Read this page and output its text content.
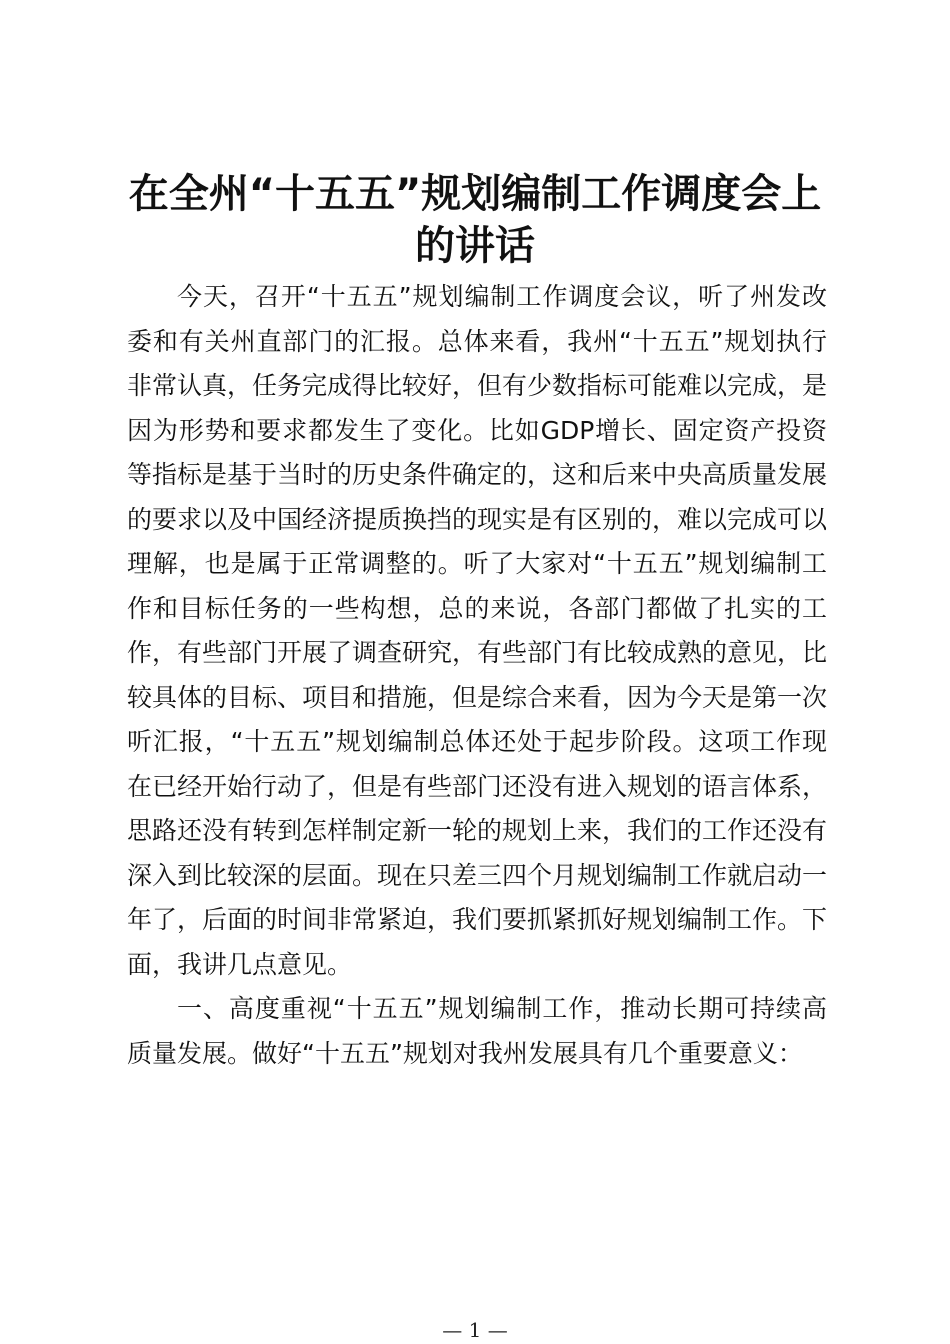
在全州“十五五”规划编制工作调度会上的讲话

今天，召开“十五五”规划编制工作调度会议，听了州发改委和有关州直部门的汇报。总体来看，我州“十五五”规划执行非常认真，任务完成得比较好，但有少数指标可能难以完成，是因为形势和要求都发生了变化。比如GDP增长、固定资产投资等指标是基于当时的历史条件确定的，这和后来中央高质量发展的要求以及中国经济提质换挡的现实是有区别的，难以完成可以理解，也是属于正常调整的。听了大家对“十五五”规划编制工作和目标任务的一些构想，总的来说，各部门都做了扎实的工作，有些部门开展了调查研究，有些部门有比较成熟的意见，比较具体的目标、项目和措施，但是综合来看，因为今天是第一次听汇报，“十五五”规划编制总体还处于起步阶段。这项工作现在已经开始行动了，但是有些部门还没有进入规划的语言体系，思路还没有转到怎样制定新一轮的规划上来，我们的工作还没有深入到比较深的层面。现在只差三四个月规划编制工作就启动一年了，后面的时间非常紧迫，我们要抓紧抓好规划编制工作。下面，我讲几点意见。

一、高度重视“十五五”规划编制工作，推动长期可持续高质量发展。做好“十五五”规划对我州发展具有几个重要意义：

— 1 —
